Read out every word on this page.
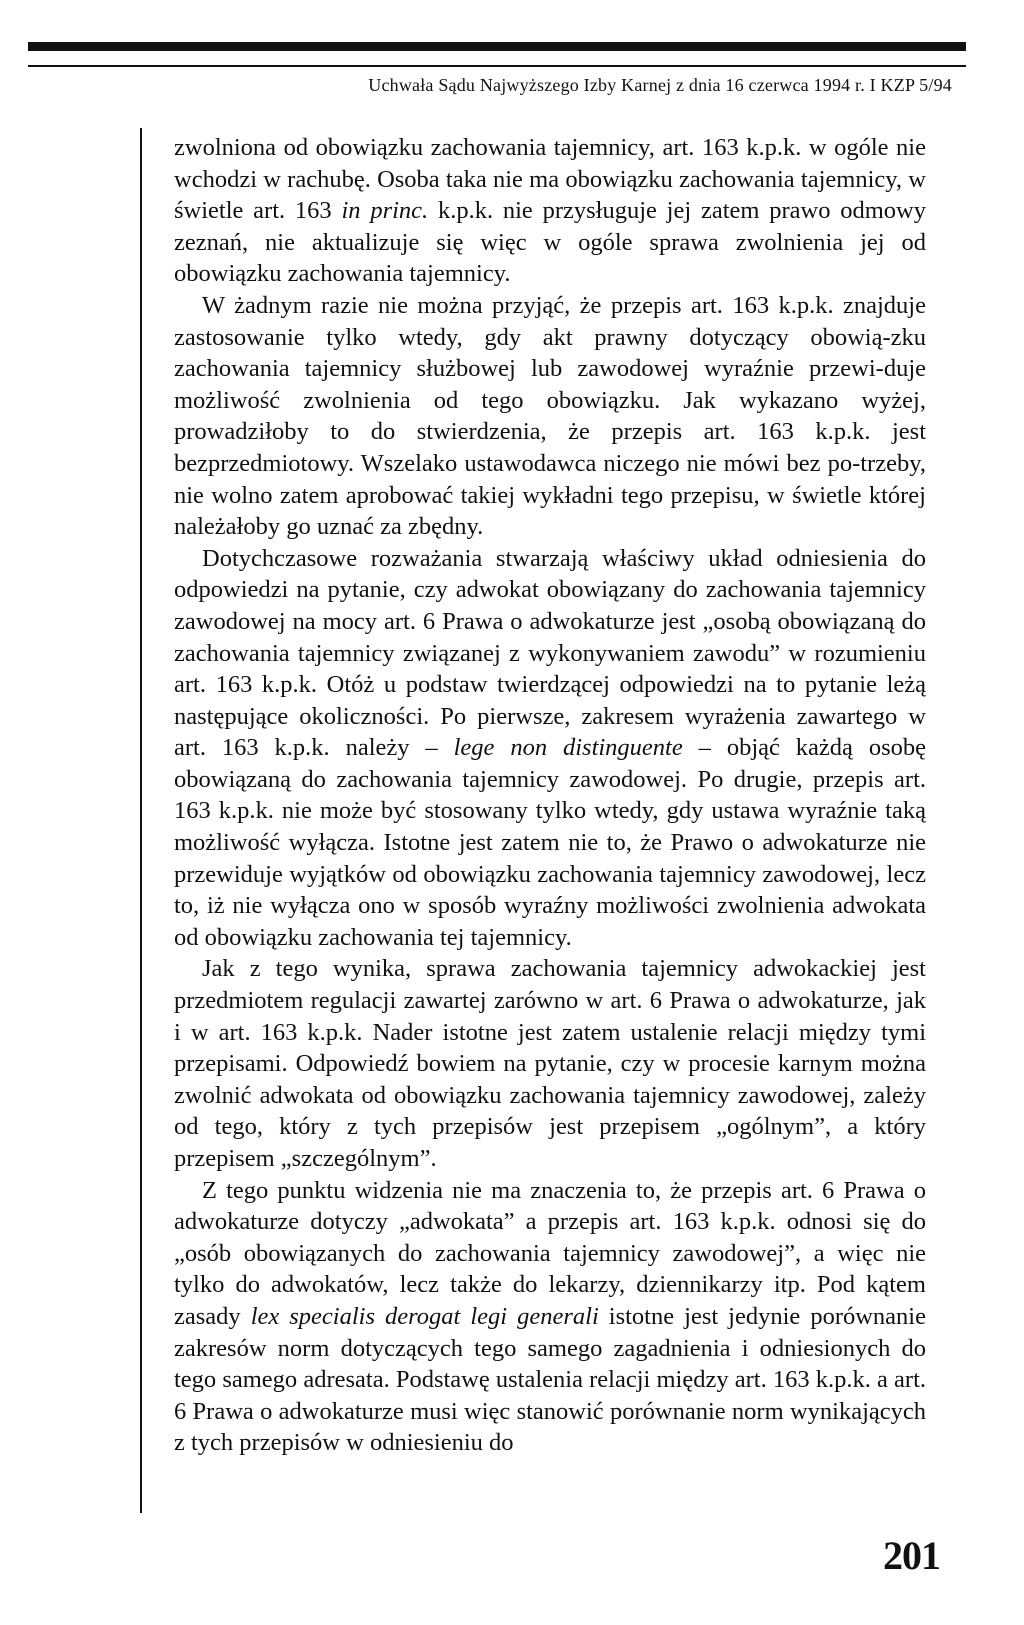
Uchwała Sądu Najwyższego Izby Karnej z dnia 16 czerwca 1994 r. I KZP 5/94

zwolniona od obowiązku zachowania tajemnicy, art. 163 k.p.k. w ogóle nie wchodzi w rachubę. Osoba taka nie ma obowiązku zachowania tajemnicy, w świetle art. 163 in princ. k.p.k. nie przysługuje jej zatem prawo odmowy zeznań, nie aktualizuje się więc w ogóle sprawa zwolnienia jej od obowiązku zachowania tajemnicy.

W żadnym razie nie można przyjąć, że przepis art. 163 k.p.k. znajduje zastosowanie tylko wtedy, gdy akt prawny dotyczący obowią-zku zachowania tajemnicy służbowej lub zawodowej wyraźnie przewi-duje możliwość zwolnienia od tego obowiązku. Jak wykazano wyżej, prowadziłoby to do stwierdzenia, że przepis art. 163 k.p.k. jest bezprzedmiotowy. Wszelako ustawodawca niczego nie mówi bez po-trzeby, nie wolno zatem aprobować takiej wykładni tego przepisu, w świetle której należałoby go uznać za zbędny.

Dotychczasowe rozważania stwarzają właściwy układ odniesienia do odpowiedzi na pytanie, czy adwokat obowiązany do zachowania tajemnicy zawodowej na mocy art. 6 Prawa o adwokaturze jest „osobą obowiązaną do zachowania tajemnicy związanej z wykonywaniem zawodu” w rozumieniu art. 163 k.p.k. Otóż u podstaw twierdzącej odpowiedzi na to pytanie leżą następujące okoliczności. Po pierwsze, zakresem wyrażenia zawartego w art. 163 k.p.k. należy – lege non distinguente – objąć każdą osobę obowiązaną do zachowania tajemnicy zawodowej. Po drugie, przepis art. 163 k.p.k. nie może być stosowany tylko wtedy, gdy ustawa wyraźnie taką możliwość wyłącza. Istotne jest zatem nie to, że Prawo o adwokaturze nie przewiduje wyjątków od obowiązku zachowania tajemnicy zawodowej, lecz to, iż nie wyłącza ono w sposób wyraźny możliwości zwolnienia adwokata od obowiązku zachowania tej tajemnicy.

Jak z tego wynika, sprawa zachowania tajemnicy adwokackiej jest przedmiotem regulacji zawartej zarówno w art. 6 Prawa o adwokaturze, jak i w art. 163 k.p.k. Nader istotne jest zatem ustalenie relacji między tymi przepisami. Odpowiedź bowiem na pytanie, czy w procesie karnym można zwolnić adwokata od obowiązku zachowania tajemnicy zawodowej, zależy od tego, który z tych przepisów jest przepisem „ogólnym”, a który przepisem „szczególnym”.

Z tego punktu widzenia nie ma znaczenia to, że przepis art. 6 Prawa o adwokaturze dotyczy „adwokata” a przepis art. 163 k.p.k. odnosi się do „osób obowiązanych do zachowania tajemnicy zawodowej”, a więc nie tylko do adwokatów, lecz także do lekarzy, dziennikarzy itp. Pod kątem zasady lex specialis derogat legi generali istotne jest jedynie porównanie zakresów norm dotyczących tego samego zagadnienia i odniesionych do tego samego adresata. Podstawę ustalenia relacji między art. 163 k.p.k. a art. 6 Prawa o adwokaturze musi więc stanowić porównanie norm wynikających z tych przepisów w odniesieniu do

201
